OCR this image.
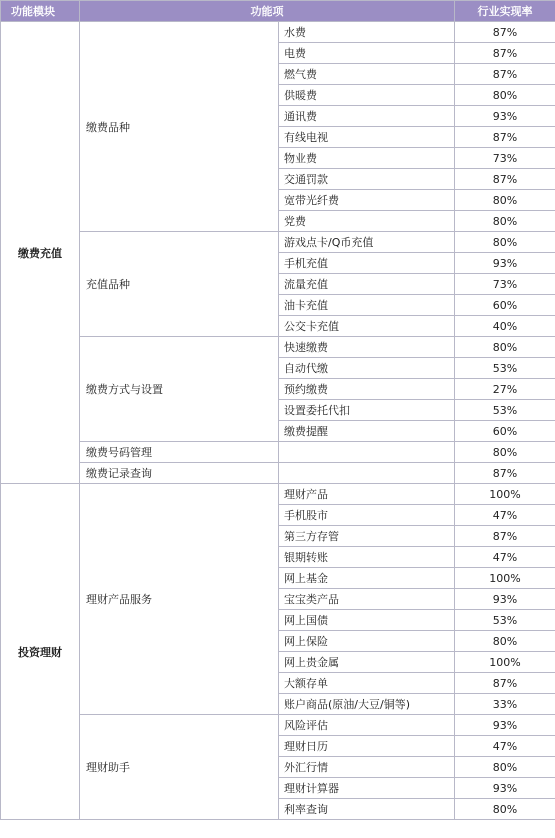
功能模块	功能项		行业实现率
缴费充值	缴费品种	水费	87%
		电费	87%
		燃气费	87%
		供暖费	80%
		通讯费	93%
		有线电视	87%
		物业费	73%
		交通罚款	87%
		宽带光纤费	80%
		党费	80%
	充值品种	游戏点卡/Q币充值	80%
		手机充值	93%
		流量充值	73%
		油卡充值	60%
		公交卡充值	40%
	缴费方式与设置	快速缴费	80%
		自动代缴	53%
		预约缴费	27%
		设置委托代扣	53%
		缴费提醒	60%
	缴费号码管理		80%
	缴费记录查询		87%
投资理财	理财产品服务	理财产品	100%
		手机股市	47%
		第三方存管	87%
		银期转账	47%
		网上基金	100%
		宝宝类产品	93%
		网上国债	53%
		网上保险	80%
		网上贵金属	100%
		大额存单	87%
		账户商品(原油/大豆/铜等)	33%
	理财助手	风险评估	93%
		理财日历	47%
		外汇行情	80%
		理财计算器	93%
		利率查询	80%
